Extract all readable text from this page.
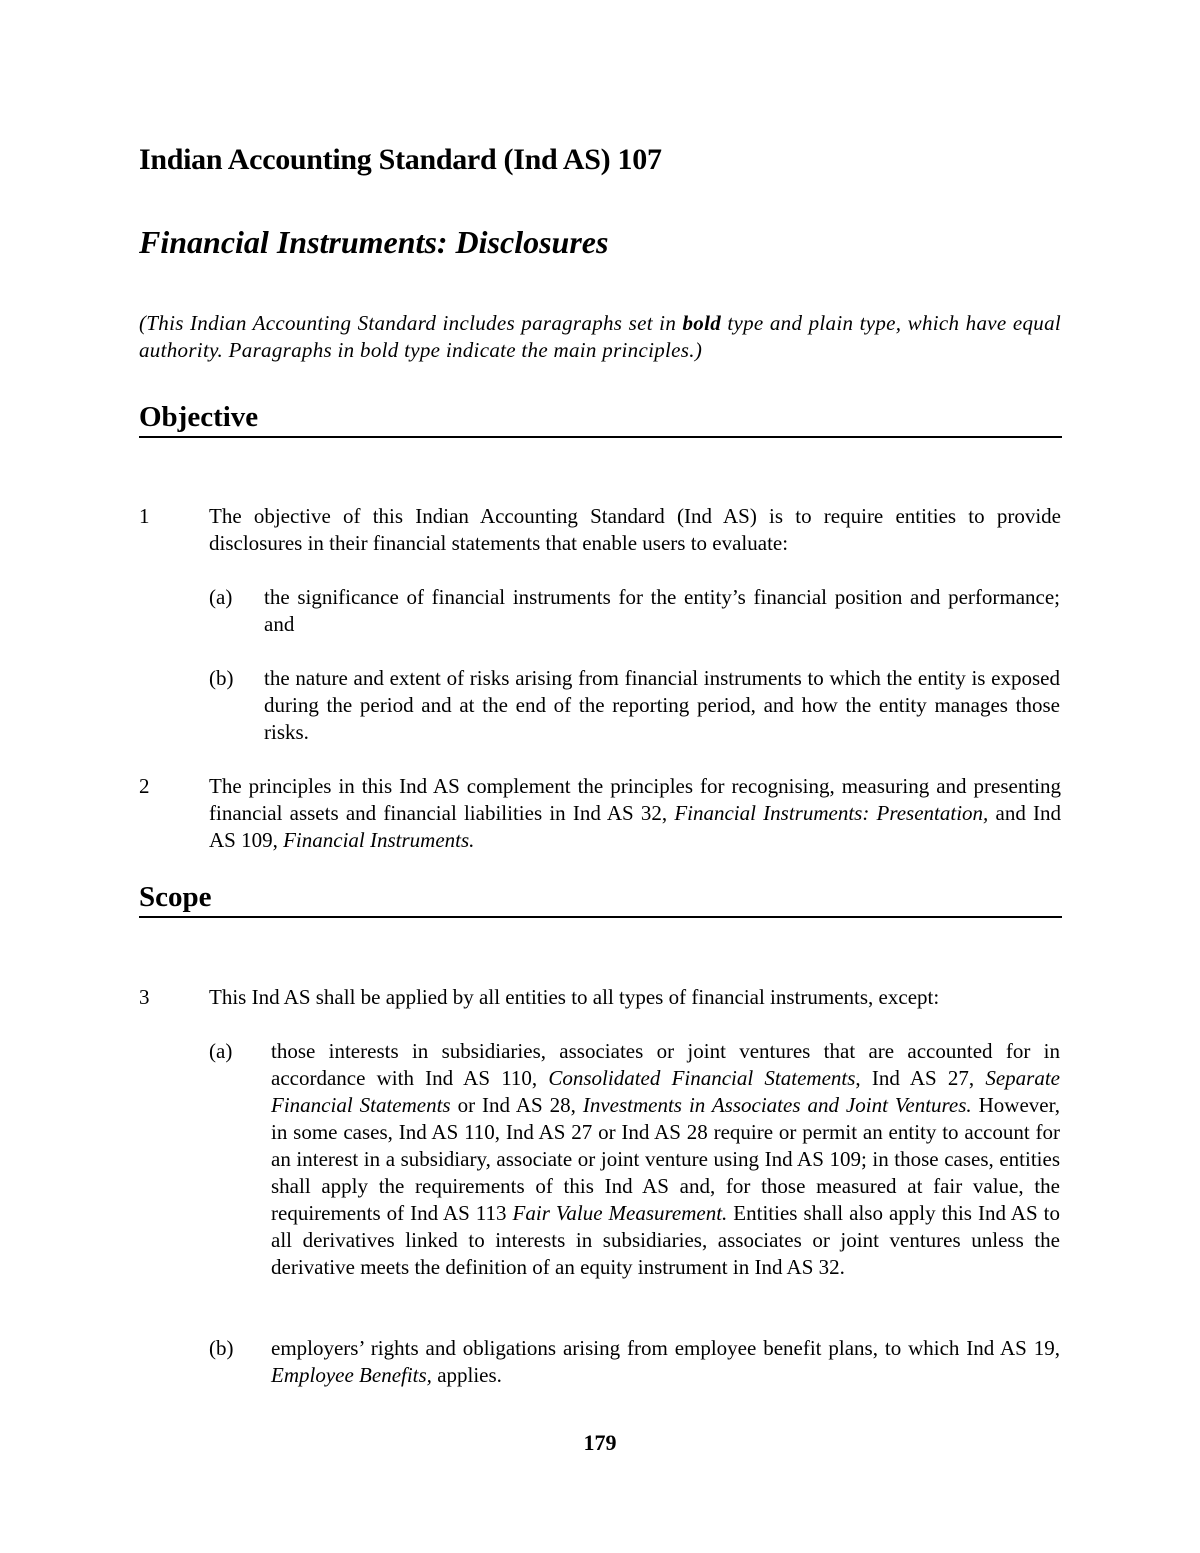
Indian Accounting Standard (Ind AS) 107
Financial Instruments: Disclosures
(This Indian Accounting Standard includes paragraphs set in bold type and plain type, which have equal authority. Paragraphs in bold type indicate the main principles.)
Objective
1	The objective of this Indian Accounting Standard (Ind AS) is to require entities to provide disclosures in their financial statements that enable users to evaluate:
(a) the significance of financial instruments for the entity’s financial position and performance; and
(b) the nature and extent of risks arising from financial instruments to which the entity is exposed during the period and at the end of the reporting period, and how the entity manages those risks.
2	The principles in this Ind AS complement the principles for recognising, measuring and presenting financial assets and financial liabilities in Ind AS 32, Financial Instruments: Presentation, and Ind AS 109, Financial Instruments.
Scope
3	This Ind AS shall be applied by all entities to all types of financial instruments, except:
(a) those interests in subsidiaries, associates or joint ventures that are accounted for in accordance with Ind AS 110, Consolidated Financial Statements, Ind AS 27, Separate Financial Statements or Ind AS 28, Investments in Associates and Joint Ventures. However, in some cases, Ind AS 110, Ind AS 27 or Ind AS 28 require or permit an entity to account for an interest in a subsidiary, associate or joint venture using Ind AS 109; in those cases, entities shall apply the requirements of this Ind AS and, for those measured at fair value, the requirements of Ind AS 113 Fair Value Measurement. Entities shall also apply this Ind AS to all derivatives linked to interests in subsidiaries, associates or joint ventures unless the derivative meets the definition of an equity instrument in Ind AS 32.
(b) employers’ rights and obligations arising from employee benefit plans, to which Ind AS 19, Employee Benefits, applies.
179
